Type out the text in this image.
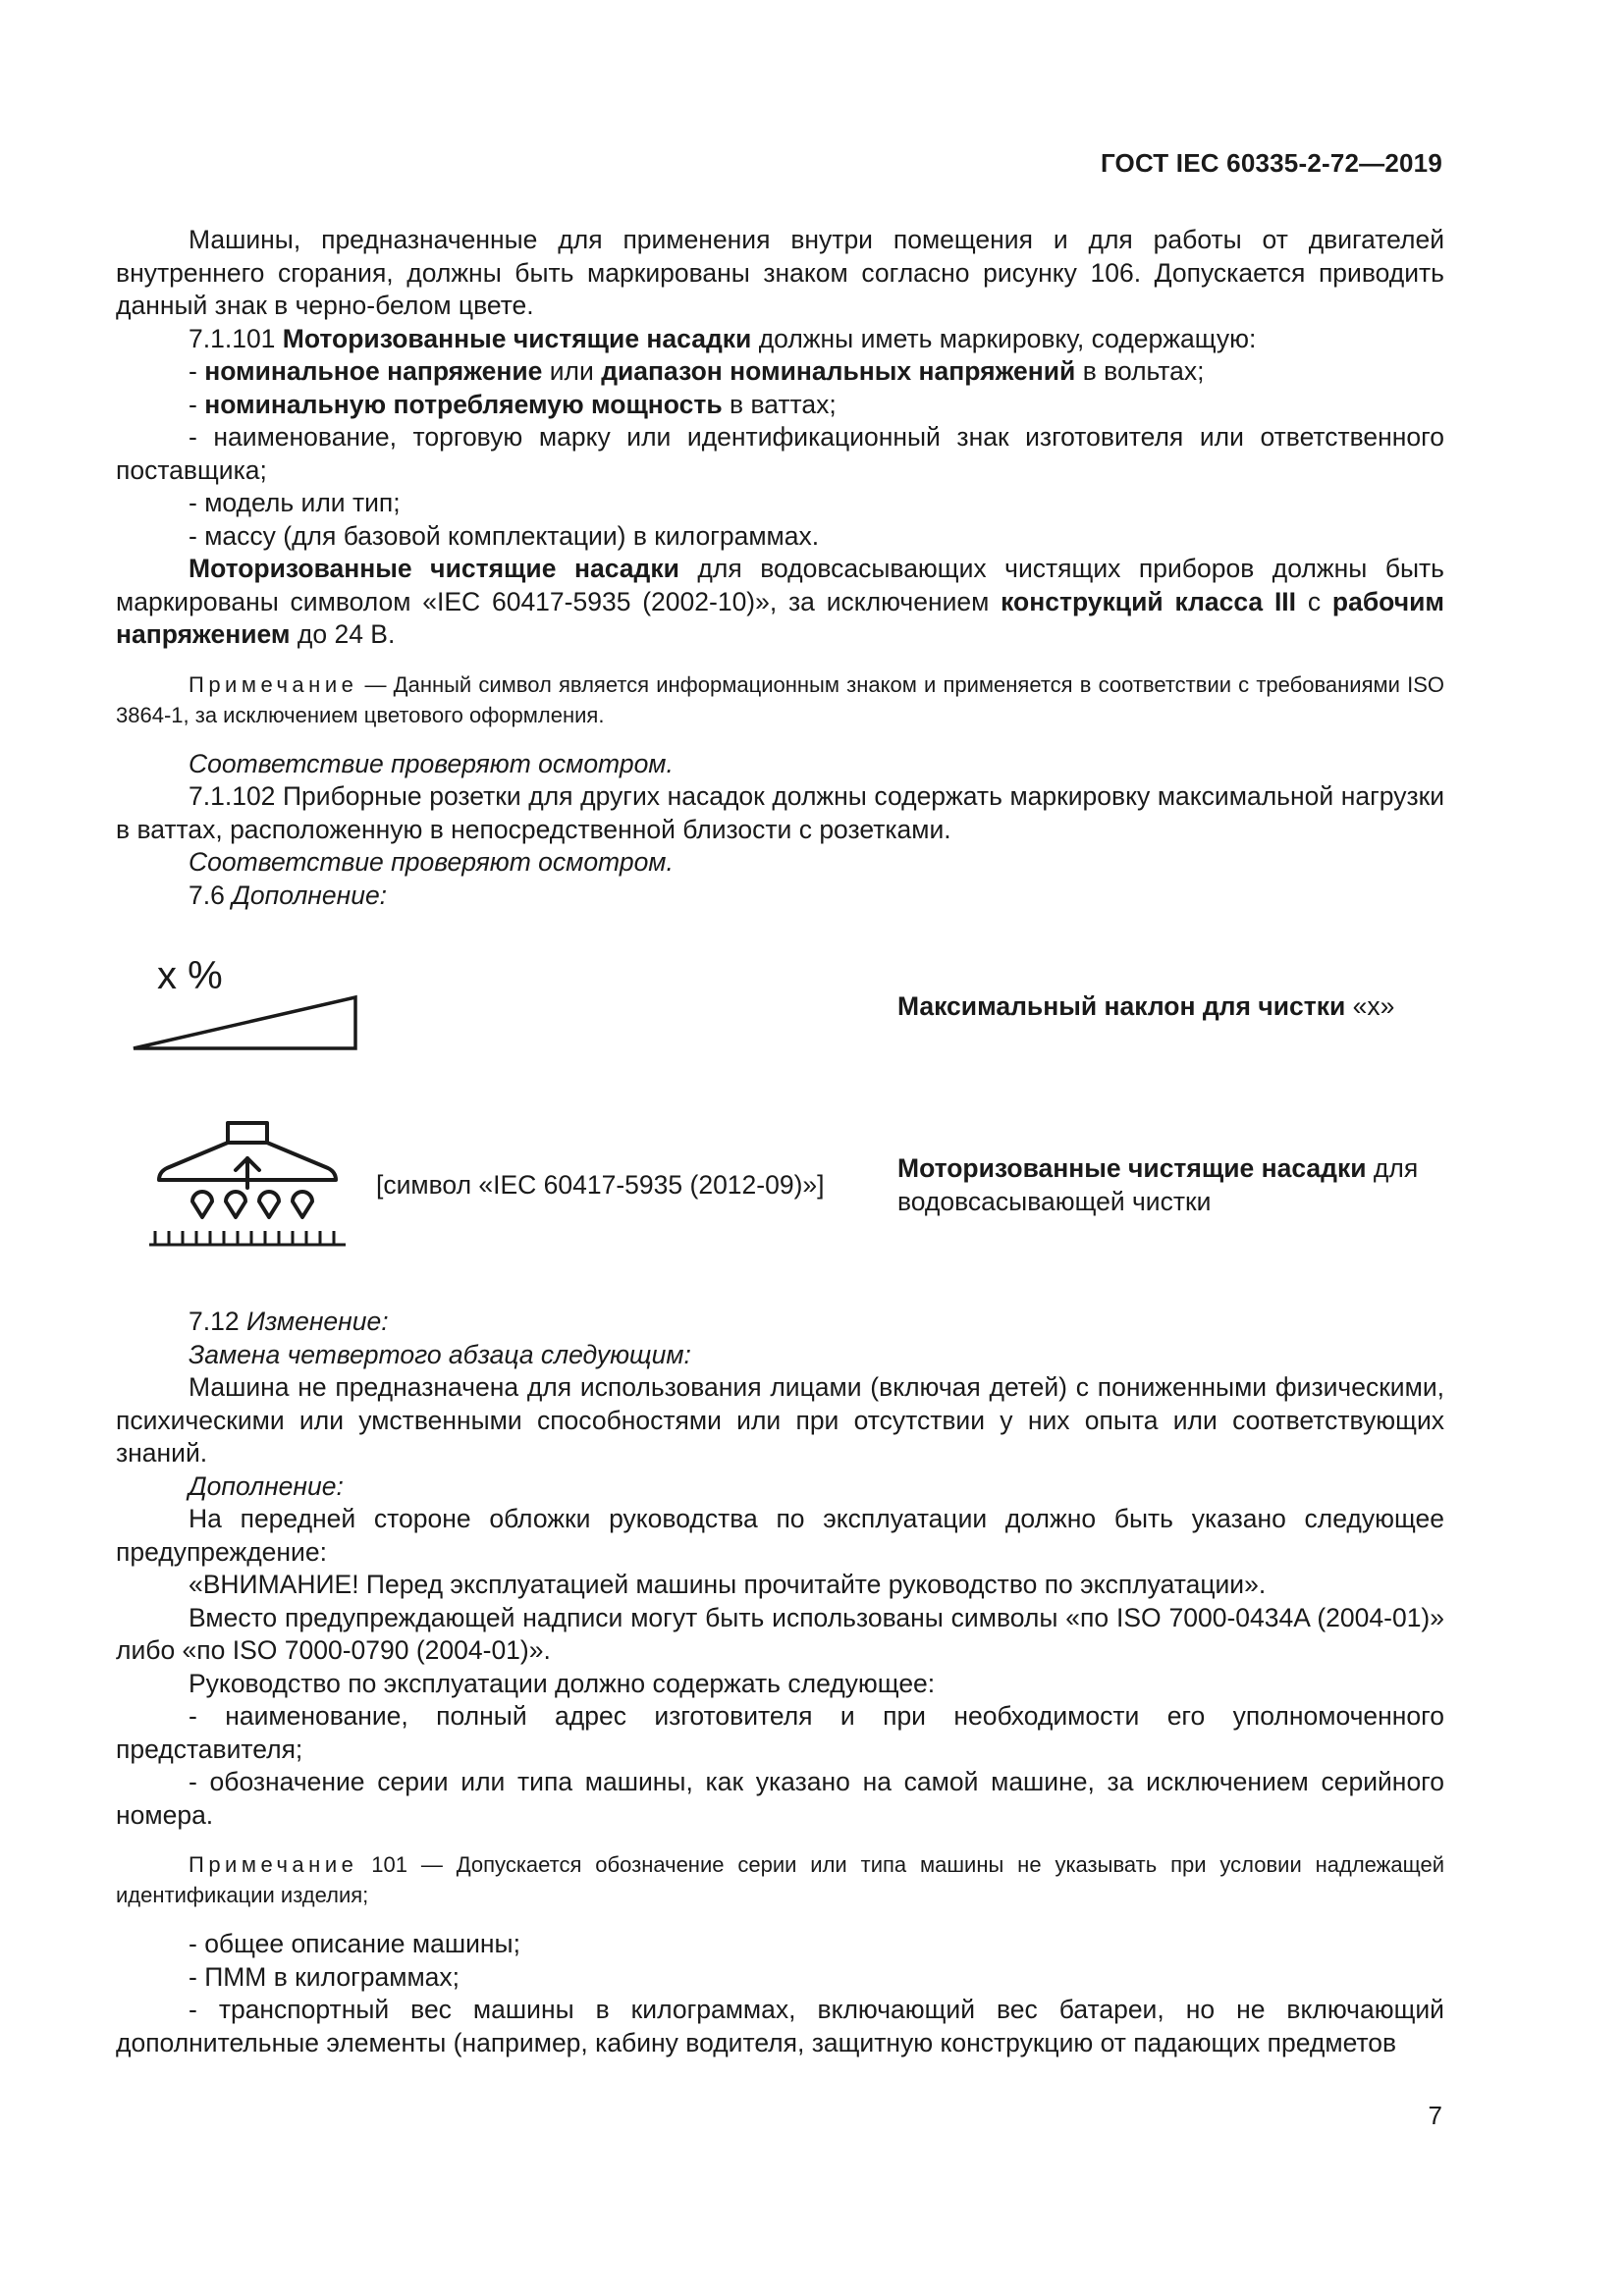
ГОСТ IEC 60335-2-72—2019

Машины, предназначенные для применения внутри помещения и для работы от двигателей внутреннего сгорания, должны быть маркированы знаком согласно рисунку 106. Допускается приводить данный знак в черно-белом цвете.

7.1.101 Моторизованные чистящие насадки должны иметь маркировку, содержащую:

- номинальное напряжение или диапазон номинальных напряжений в вольтах;

- номинальную потребляемую мощность в ваттах;

- наименование, торговую марку или идентификационный знак изготовителя или ответственного поставщика;

- модель или тип;

- массу (для базовой комплектации) в килограммах.

Моторизованные чистящие насадки для водовсасывающих чистящих приборов должны быть маркированы символом «IEC 60417-5935 (2002-10)», за исключением конструкций класса III с рабочим напряжением до 24 В.

Примечание — Данный символ является информационным знаком и применяется в соответствии с требованиями ISO 3864-1, за исключением цветового оформления.

Соответствие проверяют осмотром.

7.1.102 Приборные розетки для других насадок должны содержать маркировку максимальной нагрузки в ваттах, расположенную в непосредственной близости с розетками.

Соответствие проверяют осмотром.

7.6 Дополнение:

x %
Максимальный наклон для чистки «x»
[символ «IEC 60417-5935 (2012-09)»]
Моторизованные чистящие насадки для
водовсасывающей чистки

7.12 Изменение:

Замена четвертого абзаца следующим:

Машина не предназначена для использования лицами (включая детей) с пониженными физическими, психическими или умственными способностями или при отсутствии у них опыта или соответствующих знаний.

Дополнение:

На передней стороне обложки руководства по эксплуатации должно быть указано следующее предупреждение:

«ВНИМАНИЕ! Перед эксплуатацией машины прочитайте руководство по эксплуатации».

Вместо предупреждающей надписи могут быть использованы символы «по ISO 7000-0434A (2004-01)» либо «по ISO 7000-0790 (2004-01)».

Руководство по эксплуатации должно содержать следующее:

- наименование, полный адрес изготовителя и при необходимости его уполномоченного представителя;

- обозначение серии или типа машины, как указано на самой машине, за исключением серийного номера.

Примечание 101 — Допускается обозначение серии или типа машины не указывать при условии надлежащей идентификации изделия;

- общее описание машины;

- ПММ в килограммах;

- транспортный вес машины в килограммах, включающий вес батареи, но не включающий дополнительные элементы (например, кабину водителя, защитную конструкцию от падающих предметов

7
